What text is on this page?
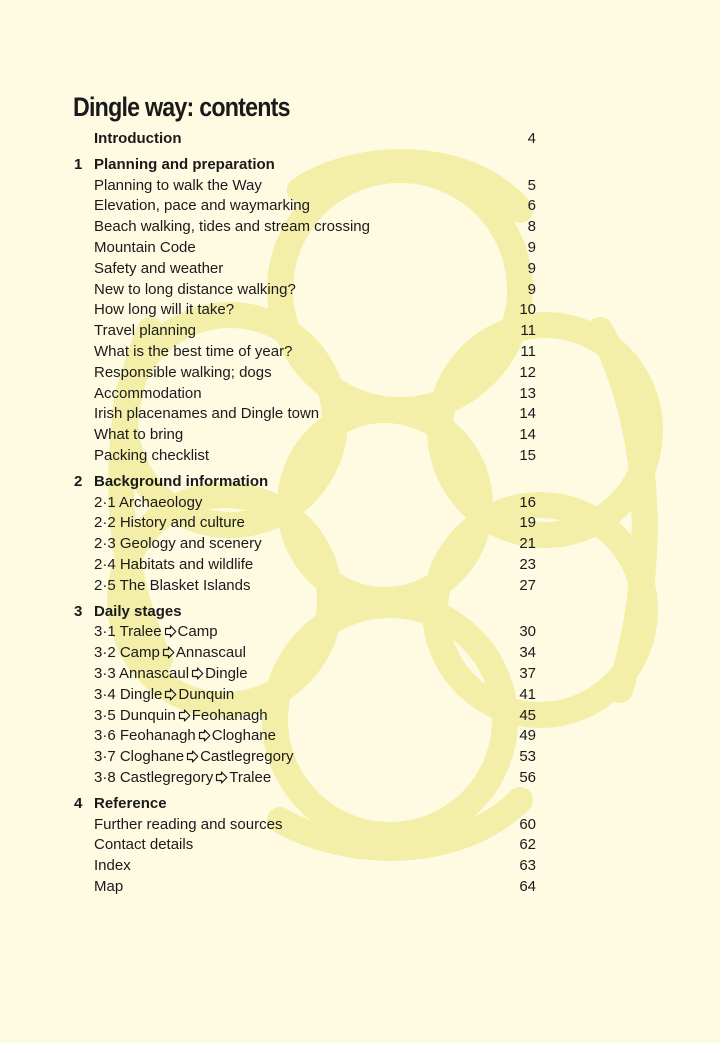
Dingle way: contents
Introduction	4
1 Planning and preparation
Planning to walk the Way	5
Elevation, pace and waymarking	6
Beach walking, tides and stream crossing	8
Mountain Code	9
Safety and weather	9
New to long distance walking?	9
How long will it take?	10
Travel planning	11
What is the best time of year?	11
Responsible walking; dogs	12
Accommodation	13
Irish placenames and Dingle town	14
What to bring	14
Packing checklist	15
2 Background information
2·1 Archaeology	16
2·2 History and culture	19
2·3 Geology and scenery	21
2·4 Habitats and wildlife	23
2·5 The Blasket Islands	27
3 Daily stages
3·1 Tralee Camp	30
3·2 Camp Annascaul	34
3·3 Annascaul Dingle	37
3·4 Dingle Dunquin	41
3·5 Dunquin Feohanagh	45
3·6 Feohanagh Cloghane	49
3·7 Cloghane Castlegregory	53
3·8 Castlegregory Tralee	56
4 Reference
Further reading and sources	60
Contact details	62
Index	63
Map	64
